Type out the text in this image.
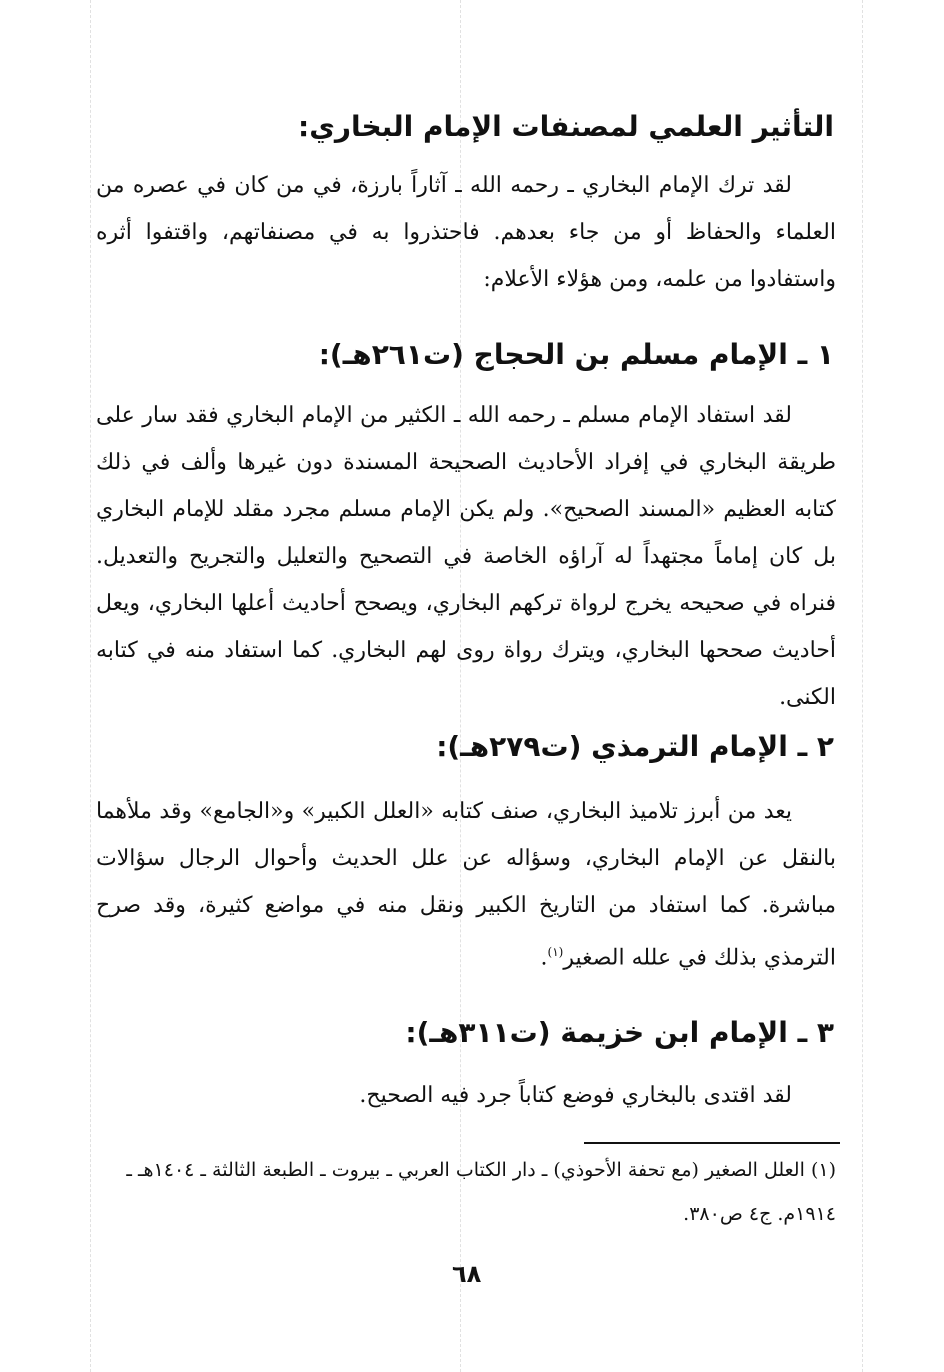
التأثير العلمي لمصنفات الإمام البخاري:

لقد ترك الإمام البخاري ـ رحمه الله ـ آثاراً بارزة، في من كان في عصره من العلماء والحفاظ أو من جاء بعدهم. فاحتذروا به في مصنفاتهم، واقتفوا أثره واستفادوا من علمه، ومن هؤلاء الأعلام:

١ ـ الإمام مسلم بن الحجاج (ت٢٦١هـ):

لقد استفاد الإمام مسلم ـ رحمه الله ـ الكثير من الإمام البخاري فقد سار على طريقة البخاري في إفراد الأحاديث الصحيحة المسندة دون غيرها وألف في ذلك كتابه العظيم «المسند الصحيح». ولم يكن الإمام مسلم مجرد مقلد للإمام البخاري بل كان إماماً مجتهداً له آراؤه الخاصة في التصحيح والتعليل والتجريح والتعديل. فنراه في صحيحه يخرج لرواة تركهم البخاري، ويصحح أحاديث أعلها البخاري، ويعل أحاديث صححها البخاري، ويترك رواة روى لهم البخاري. كما استفاد منه في كتابه الكنى.

٢ ـ الإمام الترمذي (ت٢٧٩هـ):

يعد من أبرز تلاميذ البخاري، صنف كتابه «العلل الكبير» و«الجامع» وقد ملأهما بالنقل عن الإمام البخاري، وسؤاله عن علل الحديث وأحوال الرجال سؤالات مباشرة. كما استفاد من التاريخ الكبير ونقل منه في مواضع كثيرة، وقد صرح الترمذي بذلك في علله الصغير$^{(١)}$.

٣ ـ الإمام ابن خزيمة (ت٣١١هـ):

لقد اقتدى بالبخاري فوضع كتاباً جرد فيه الصحيح.

(١) العلل الصغير (مع تحفة الأحوذي) ـ دار الكتاب العربي ـ بيروت ـ الطبعة الثالثة ـ ١٤٠٤هـ ـ ١٩١٤م. ج٤ ص٣٨٠.

٦٨
